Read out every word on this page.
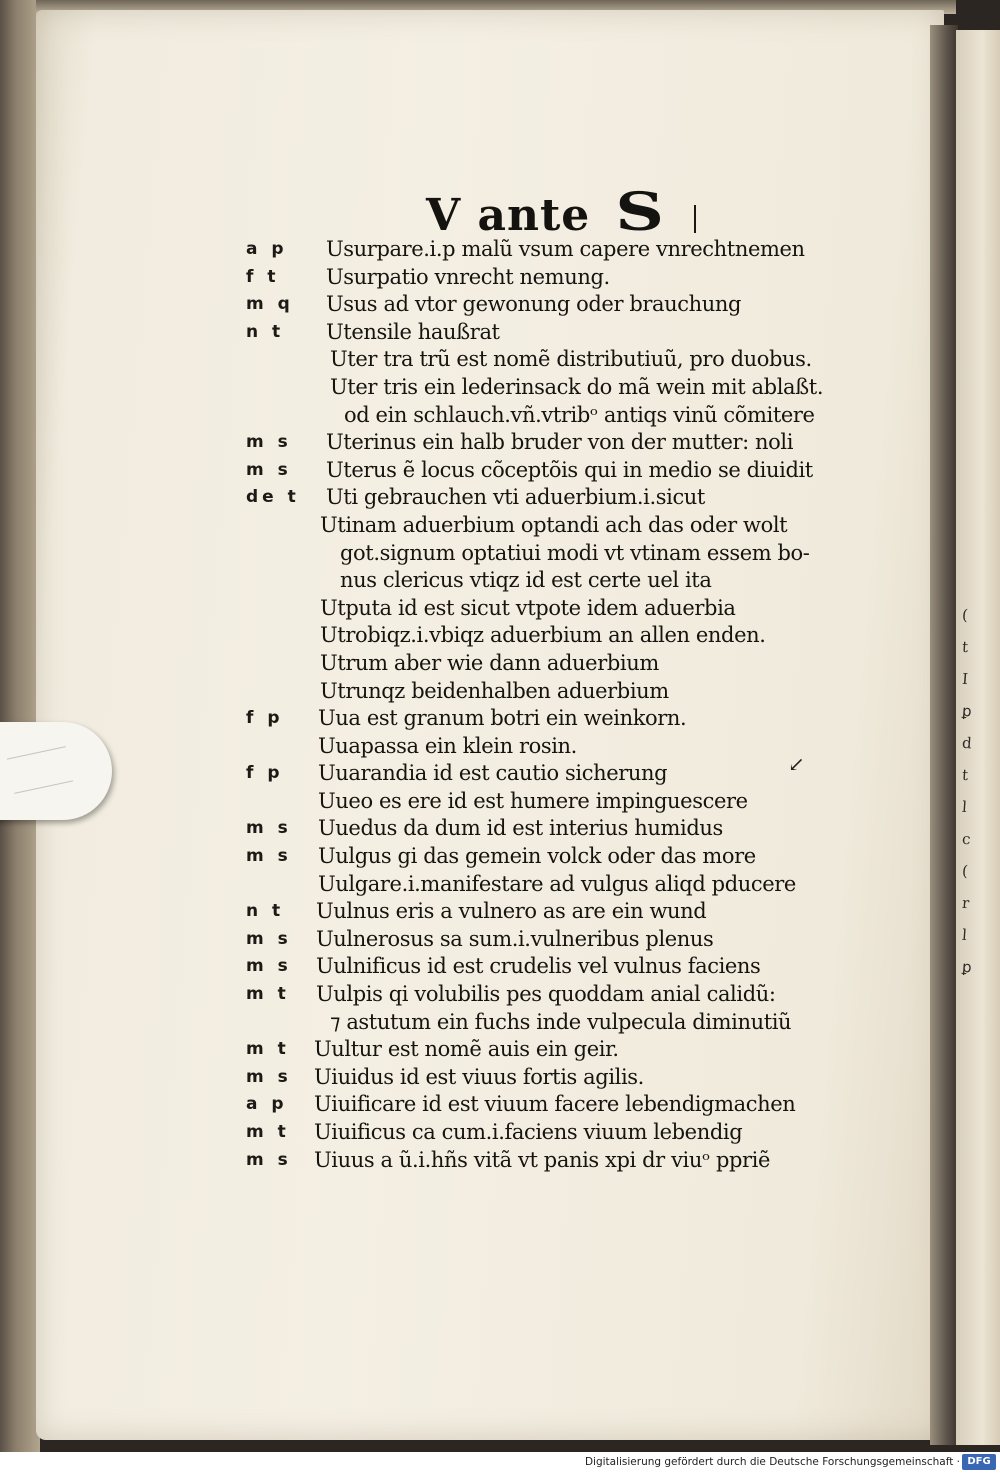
(
t
I
ꝑ
d
t
l
c
(
r
l
ꝑ
V ante S
a p	Usurpare.i.p malũ vsum capere vnrechtnemen
f t	Usurpatio vnrecht nemung.
m q Usus ad vtor gewonung oder brauchung
n t	Utensile haußrat
Uter tra trũ est nomẽ distributiuũ, pro duobus.
Uter tris ein lederinsack do mã wein mit ablaßt.
od ein schlauch.vñ.vtribᵒ antiqs vinũ cõmitere
m s Uterinus ein halb bruder von der mutter: noli
m s Uterus ẽ locus cõceptõis qui in medio se diuidit
de t Uti gebrauchen vti aduerbium.i.sicut
Utinam aduerbium optandi ach das oder wolt
got.signum optatiui modi vt vtinam essem bo-
nus clericus vtiqz id est certe uel ita
Utputa id est sicut vtpote idem aduerbia
Utrobiqz.i.vbiqz aduerbium an allen enden.
Utrum aber wie dann aduerbium
Utrunqz beidenhalben aduerbium
f p	Uua est granum botri ein weinkorn.
Uuapassa ein klein rosin.
f p	Uuarandia id est cautio sicherung
Uueo es ere id est humere impinguescere
m s Uuedus da dum id est interius humidus
m s Uulgus gi das gemein volck oder das more
Uulgare.i.manifestare ad vulgus aliqd pducere
n t	Uulnus eris a vulnero as are ein wund
m s Uulnerosus sa sum.i.vulneribus plenus
m s Uulnificus id est crudelis vel vulnus faciens
m t Uulpis qi volubilis pes quoddam anial calidũ:
⁊ astutum ein fuchs inde vulpecula diminutiũ
m t Uultur est nomẽ auis ein geir.
m s Uiuidus id est viuus fortis agilis.
a p	Uiuificare id est viuum facere lebendigmachen
m t Uiuificus ca cum.i.faciens viuum lebendig
m s Uiuus a ũ.i.hñs vitã vt panis xpi dr viuᵒ ppriẽ
↙
Digitalisierung gefördert durch die Deutsche Forschungsgemeinschaft · DFG
